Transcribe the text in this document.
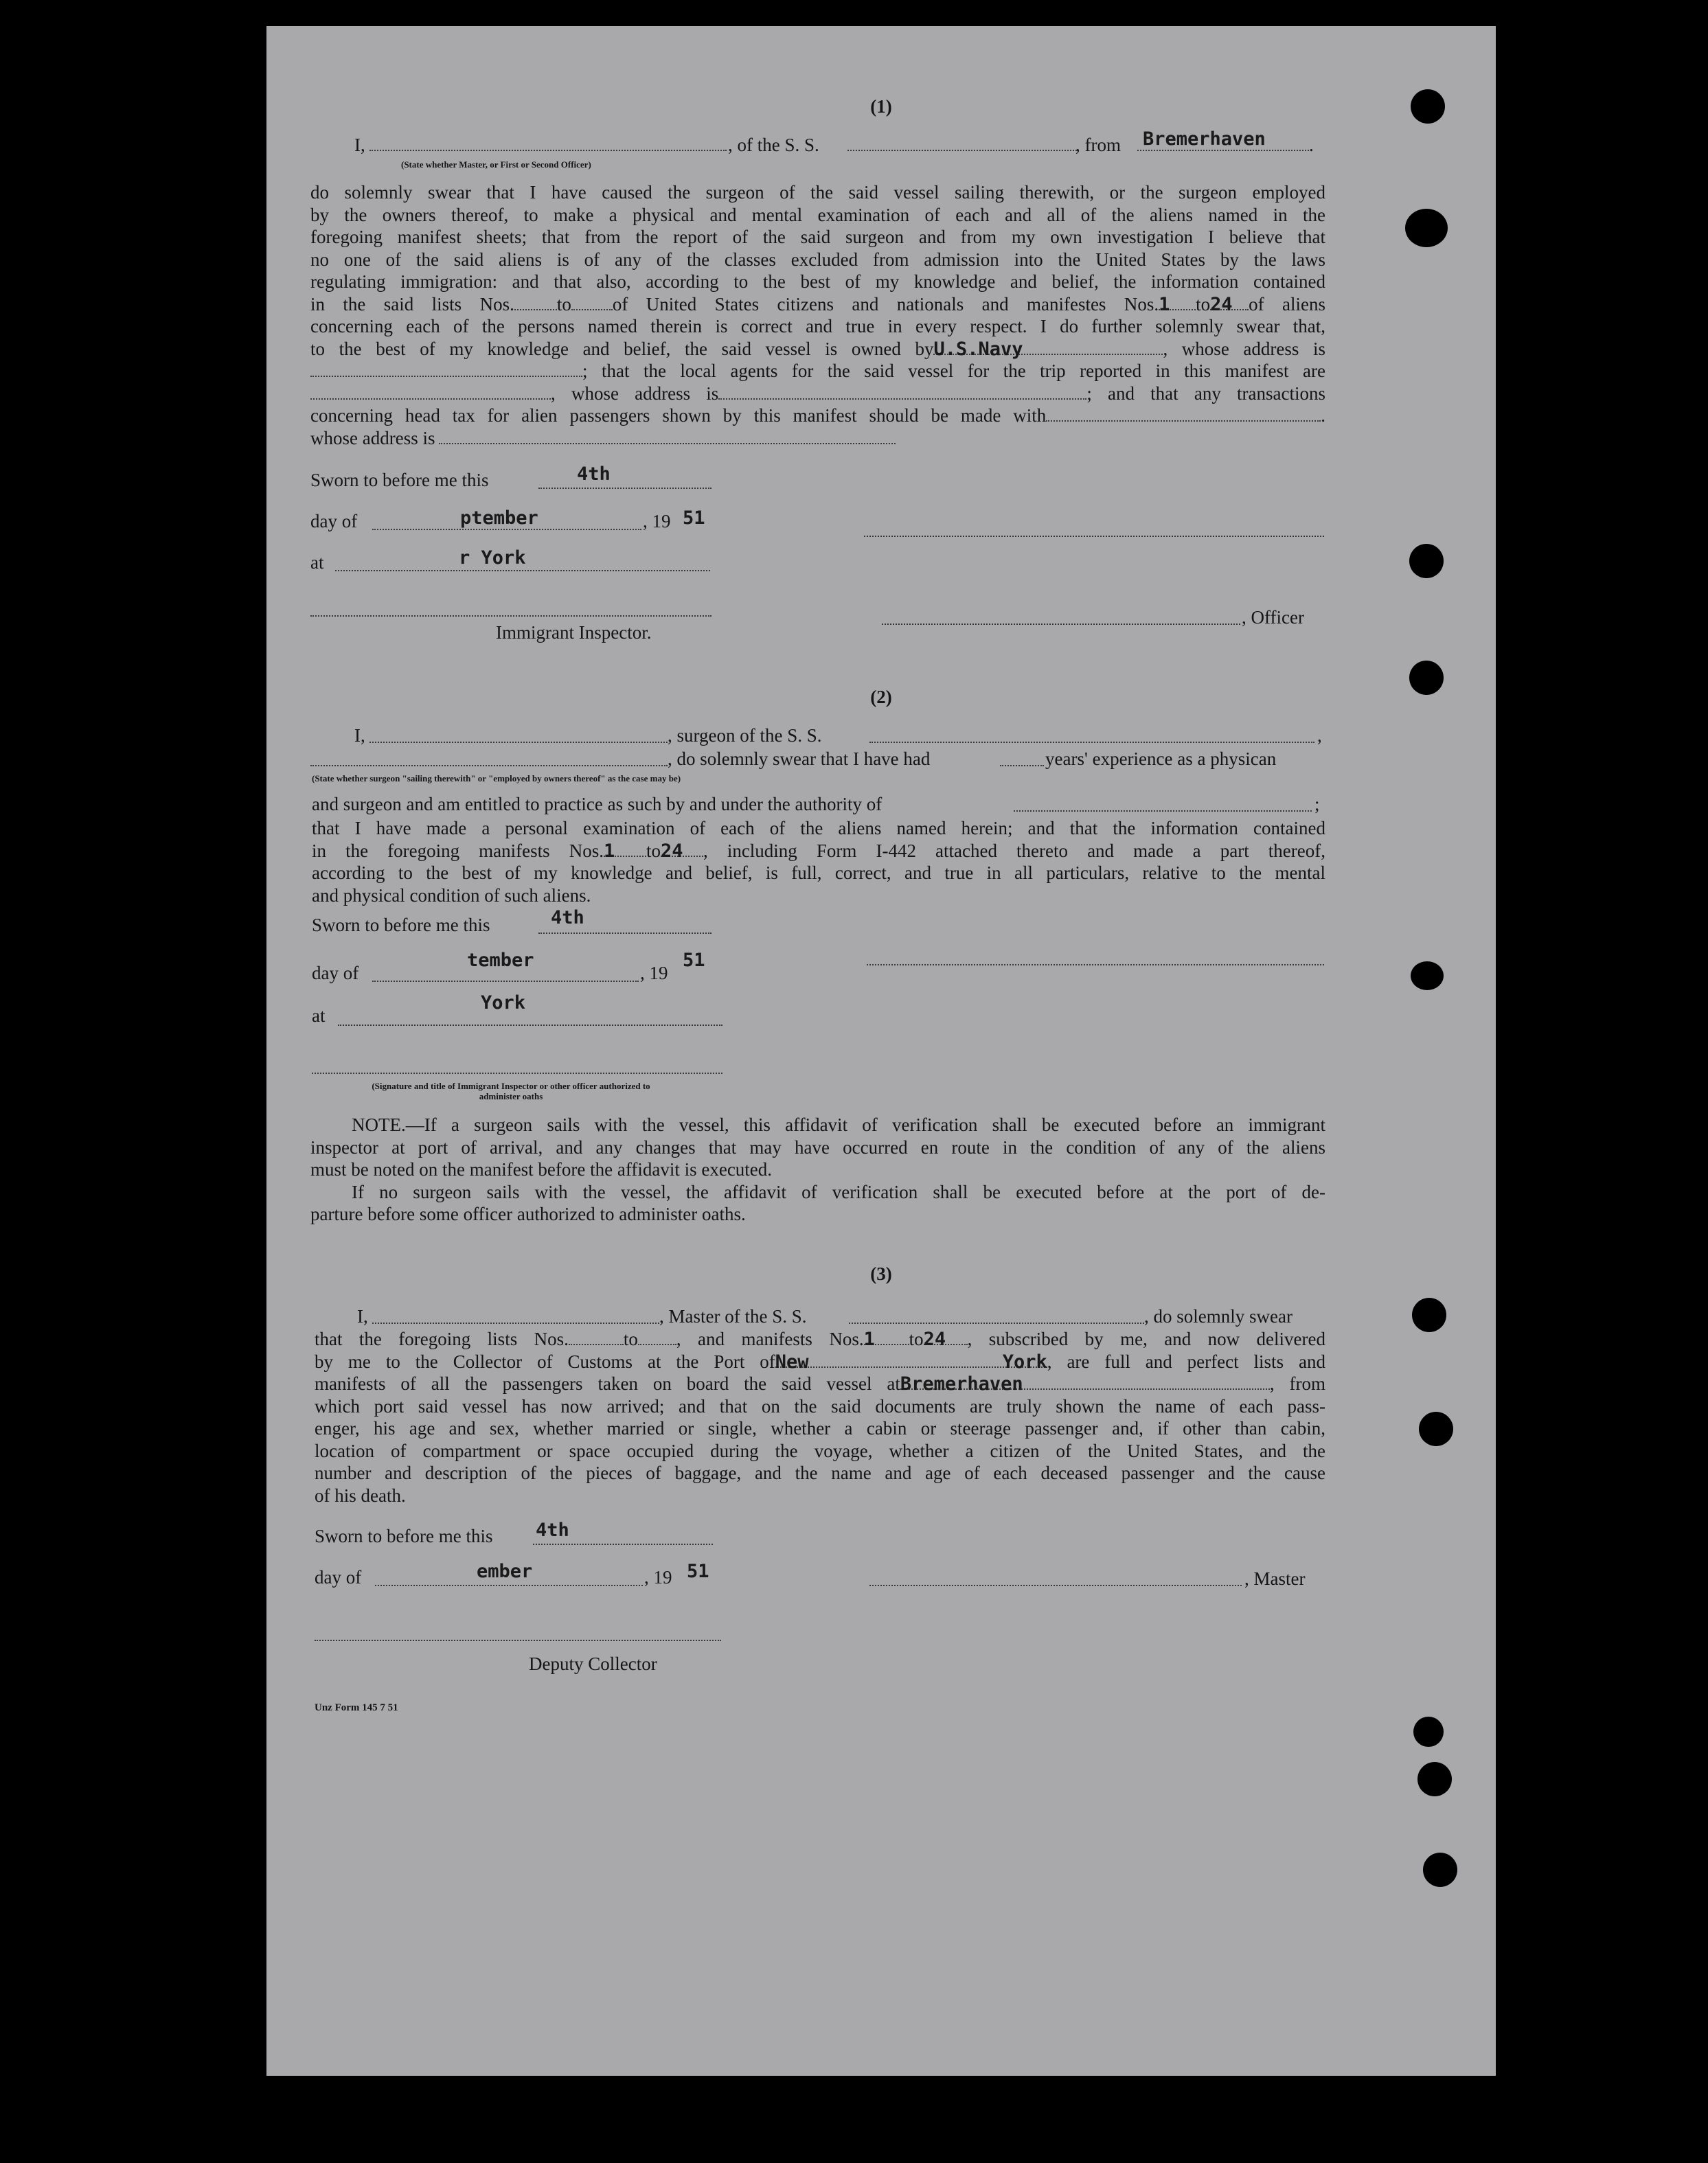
(1)
I,	, of the S. S.	, from Bremerhaven .
(State whether Master, or First or Second Officer)
do solemnly swear that I have caused the surgeon of the said vessel sailing therewith, or the surgeon employed
by the owners thereof, to make a physical and mental examination of each and all of the aliens named in the
foregoing manifest sheets; that from the report of the said surgeon and from my own investigation I believe that
no one of the said aliens is of any of the classes excluded from admission into the United States by the laws
regulating immigration: and that also, according to the best of my knowledge and belief, the information contained
in the said lists Nos. to of United States citizens and nationals and manifestes Nos.1 to24 of aliens
concerning each of the persons named therein is correct and true in every respect. I do further solemnly swear that,
to the best of my knowledge and belief, the said vessel is owned byU.S.Navy	, whose address is
; that the local agents for the said vessel for the trip reported in this manifest are
, whose address is	; and that any transactions
concerning head tax for alien passengers shown by this manifest should be made with	.
whose address is
Sworn to before me this	4th
day of	ptember	, 19 51
at	r York
, Officer
Immigrant Inspector.
(2)
I,	, surgeon of the S. S.	,
, do solemnly swear that I have had	years' experience as a physican
(State whether surgeon "sailing therewith" or "employed by owners thereof" as the case may be)
and surgeon and am entitled to practice as such by and under the authority of	;
that I have made a personal examination of each of the aliens named herein; and that the information contained
in the foregoing manifests Nos.1 to24 , including Form I-442 attached thereto and made a part thereof,
according to the best of my knowledge and belief, is full, correct, and true in all particulars, relative to the mental
and physical condition of such aliens.
Sworn to before me this	4th
day of
tember
, 19
51
at
York
(Signature and title of Immigrant Inspector or other officer authorized to administer oaths
NOTE.—If a surgeon sails with the vessel, this affidavit of verification shall be executed before an immigrant
inspector at port of arrival, and any changes that may have occurred en route in the condition of any of the aliens
must be noted on the manifest before the affidavit is executed.
If no surgeon sails with the vessel, the affidavit of verification shall be executed before at the port of de-
parture before some officer authorized to administer oaths.
(3)
I,	, Master of the S. S.	, do solemnly swear
that the foregoing lists Nos.	to , and manifests Nos.1 to24 , subscribed by me, and now delivered
by me to the Collector of Customs at the Port ofNew York, are full and perfect lists and
manifests of all the passengers taken on board the said vessel atBremerhaven	, from
which port said vessel has now arrived; and that on the said documents are truly shown the name of each pass-
enger, his age and sex, whether married or single, whether a cabin or steerage passenger and, if other than cabin,
location of compartment or space occupied during the voyage, whether a citizen of the United States, and the
number and description of the pieces of baggage, and the name and age of each deceased passenger and the cause
of his death.
Sworn to before me this 4th
day of	ember	, 19 51	, Master
Deputy Collector
Unz Form 145 7 51
